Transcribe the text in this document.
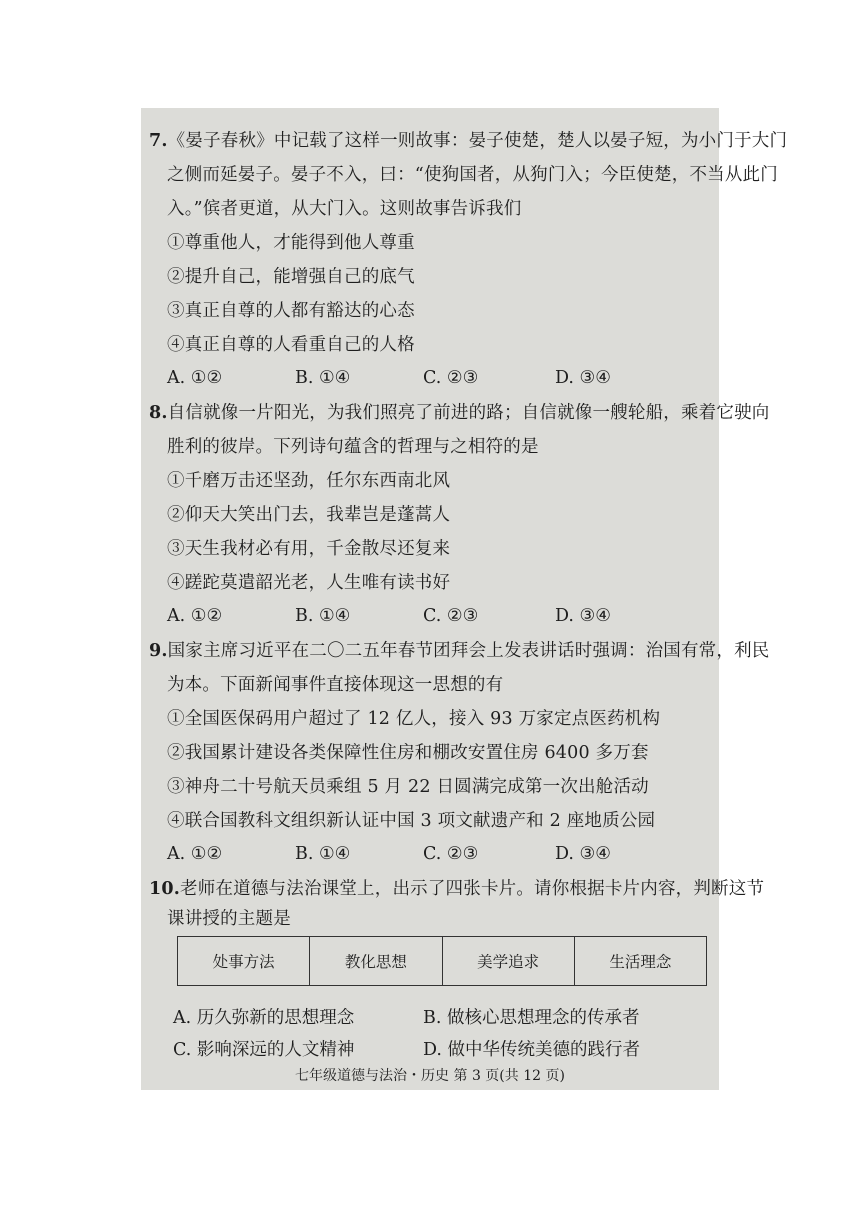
7.《晏子春秋》中记载了这样一则故事：晏子使楚，楚人以晏子短，为小门于大门
之侧而延晏子。晏子不入，曰：“使狗国者，从狗门入；今臣使楚，不当从此门
入。”傧者更道，从大门入。这则故事告诉我们
①尊重他人，才能得到他人尊重
②提升自己，能增强自己的底气
③真正自尊的人都有豁达的心态
④真正自尊的人看重自己的人格
A. ①②	B. ①④	C. ②③	D. ③④
8.自信就像一片阳光，为我们照亮了前进的路；自信就像一艘轮船，乘着它驶向
胜利的彼岸。下列诗句蕴含的哲理与之相符的是
①千磨万击还坚劲，任尔东西南北风
②仰天大笑出门去，我辈岂是蓬蒿人
③天生我材必有用，千金散尽还复来
④蹉跎莫遣韶光老，人生唯有读书好
A. ①②	B. ①④	C. ②③	D. ③④
9.国家主席习近平在二〇二五年春节团拜会上发表讲话时强调：治国有常，利民
为本。下面新闻事件直接体现这一思想的有
①全国医保码用户超过了 12 亿人，接入 93 万家定点医药机构
②我国累计建设各类保障性住房和棚改安置住房 6400 多万套
③神舟二十号航天员乘组 5 月 22 日圆满完成第一次出舱活动
④联合国教科文组织新认证中国 3 项文献遗产和 2 座地质公园
A. ①②	B. ①④	C. ②③	D. ③④
10.老师在道德与法治课堂上，出示了四张卡片。请你根据卡片内容，判断这节
课讲授的主题是
处事方法	教化思想	美学追求	生活理念
A. 历久弥新的思想理念	B. 做核心思想理念的传承者
C. 影响深远的人文精神	D. 做中华传统美德的践行者
七年级道德与法治・历史 第 3 页(共 12 页)
